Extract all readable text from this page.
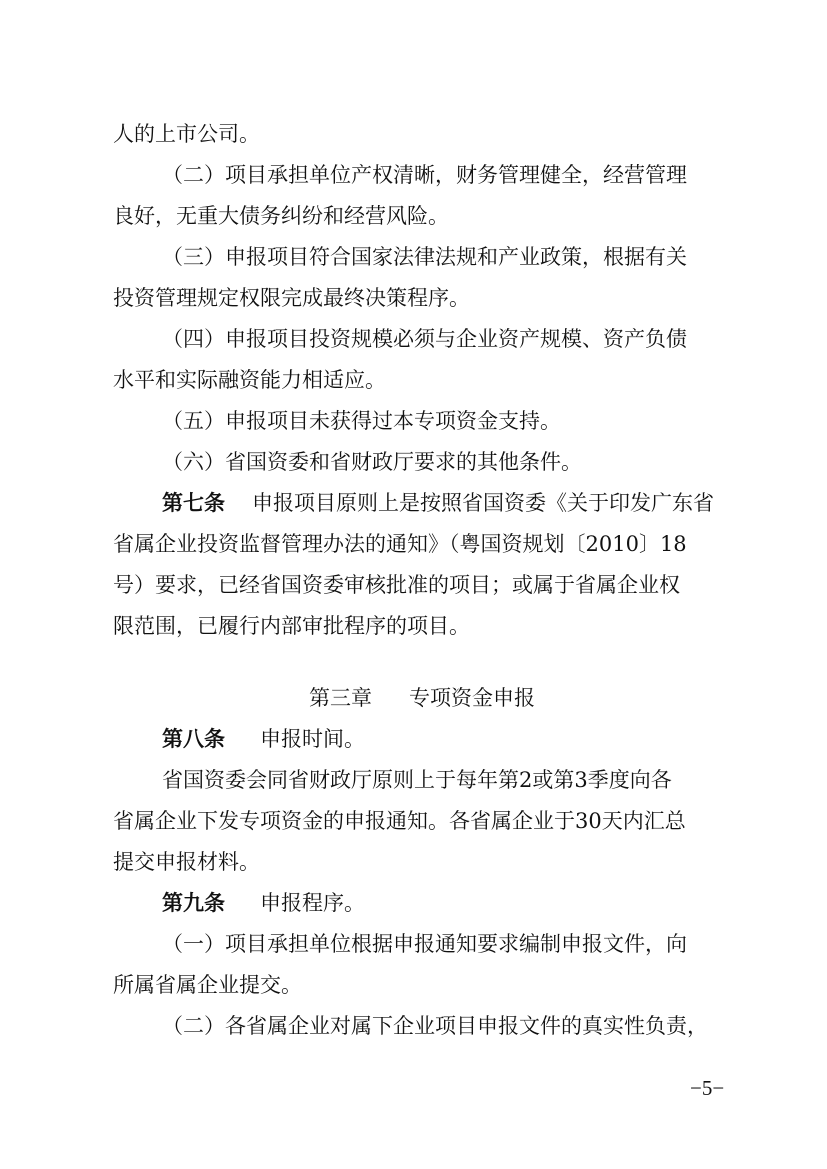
人的上市公司。
（二）项目承担单位产权清晰，财务管理健全，经营管理
良好，无重大债务纠纷和经营风险。
（三）申报项目符合国家法律法规和产业政策，根据有关
投资管理规定权限完成最终决策程序。
（四）申报项目投资规模必须与企业资产规模、资产负债
水平和实际融资能力相适应。
（五）申报项目未获得过本专项资金支持。
（六）省国资委和省财政厅要求的其他条件。
第七条 申报项目原则上是按照省国资委《关于印发广东省
省属企业投资监督管理办法的通知》（粤国资规划〔2010〕18
号）要求，已经省国资委审核批准的项目；或属于省属企业权
限范围，已履行内部审批程序的项目。
第三章 专项资金申报
第八条 申报时间。
省国资委会同省财政厅原则上于每年第2或第3季度向各
省属企业下发专项资金的申报通知。各省属企业于30天内汇总
提交申报材料。
第九条 申报程序。
（一）项目承担单位根据申报通知要求编制申报文件，向
所属省属企业提交。
（二）各省属企业对属下企业项目申报文件的真实性负责，
−5−
